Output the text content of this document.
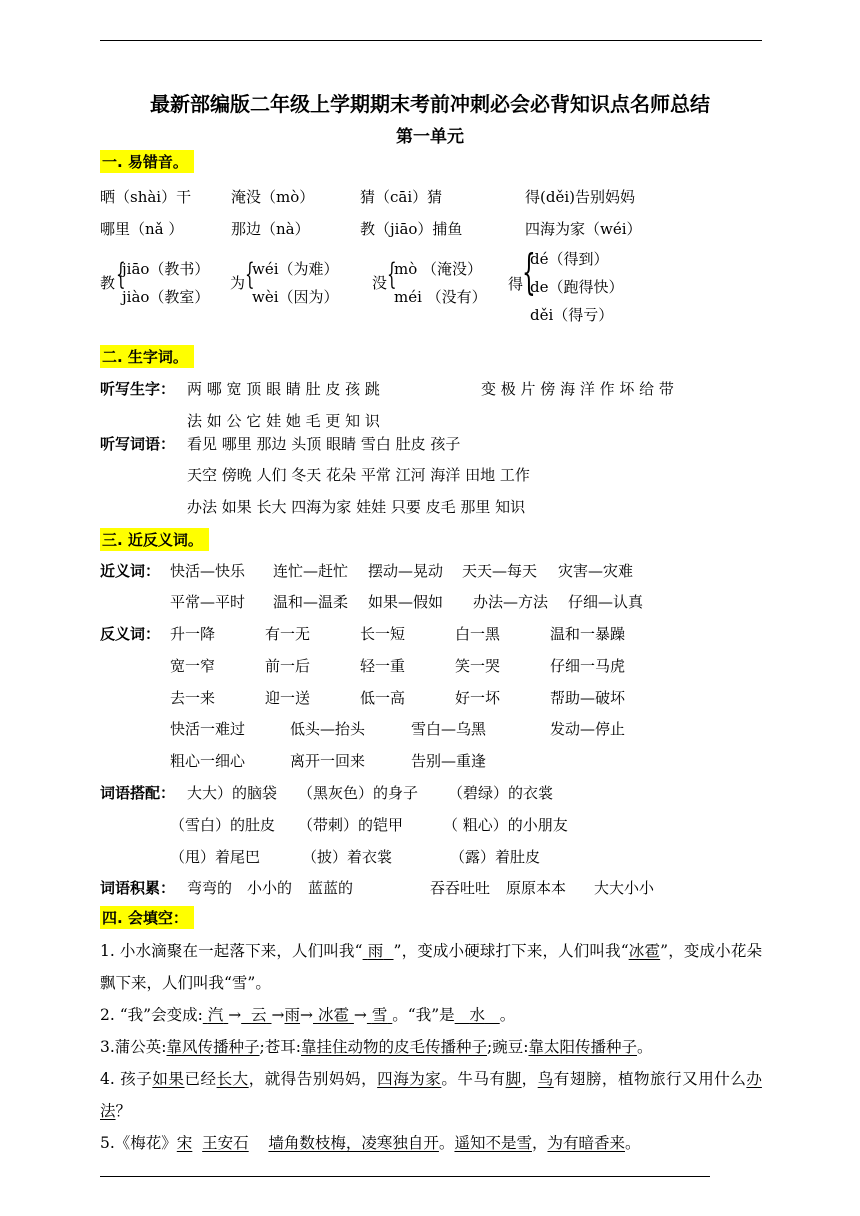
最新部编版二年级上学期期末考前冲刺必会必背知识点名师总结
第一单元
一. 易错音。
晒（shài）干	淹没（mò）	猜（cāi）猜	得(děi)告别妈妈
哪里（nǎ ）	那边（nà）	教（jiāo）捕鱼	四海为家（wéi）
教 {
jiāo（教书）
jiào（教室）
为 {
wéi（为难）
wèi（因为）
没 {
mò （淹没）
méi （没有）
得
{
dé（得到）
de（跑得快）
děi（得亏）
二. 生字词。
听写生字： 两 哪 宽 顶 眼 睛 肚 皮 孩 跳	变 极 片 傍 海 洋 作 坏 给 带
法 如 公 它 娃 她 毛 更 知 识
听写词语： 看见 哪里 那边 头顶 眼睛 雪白 肚皮 孩子
天空 傍晚 人们 冬天 花朵 平常 江河 海洋 田地 工作
办法 如果 长大 四海为家 娃娃 只要 皮毛 那里 知识
三. 近反义词。
近义词： 快活—快乐 连忙—赶忙 摆动—晃动 天天—每天 灾害—灾难
平常—平时 温和—温柔 如果—假如 办法—方法 仔细—认真
反义词： 升一降	有一无	长一短	白一黑	温和一暴躁
宽一窄	前一后	轻一重	笑一哭	仔细一马虎
去一来	迎一送	低一高	好一坏	帮助—破坏
快活一难过	低头—抬头	雪白—乌黑	发动—停止
粗心一细心	离开一回来	告别—重逢
词语搭配： 大大）的脑袋 （黑灰色）的身子 （碧绿）的衣裳
（雪白）的肚皮 （带刺）的铠甲	（ 粗心）的小朋友
（甩）着尾巴	（披）着衣裳	（露）着肚皮
词语积累： 弯弯的 小小的 蓝蓝的	吞吞吐吐 原原本本 大大小小
四. 会填空：
1. 小水滴聚在一起落下来，人们叫我“ 雨 ”，变成小硬球打下来，人们叫我“冰雹”，变成小花朵飘下来，人们叫我“雪”。
2. “我”会变成: 汽 → 云 →雨→ 冰雹 → 雪 。“我”是 水 。
3.蒲公英:靠风传播种子;苍耳:靠挂住动物的皮毛传播种子;豌豆:靠太阳传播种子。
4. 孩子如果已经长大，就得告别妈妈，四海为家。牛马有脚，鸟有翅膀，植物旅行又用什么办法？
5.《梅花》宋 王安石 墙角数枝梅，凌寒独自开。遥知不是雪，为有暗香来。
